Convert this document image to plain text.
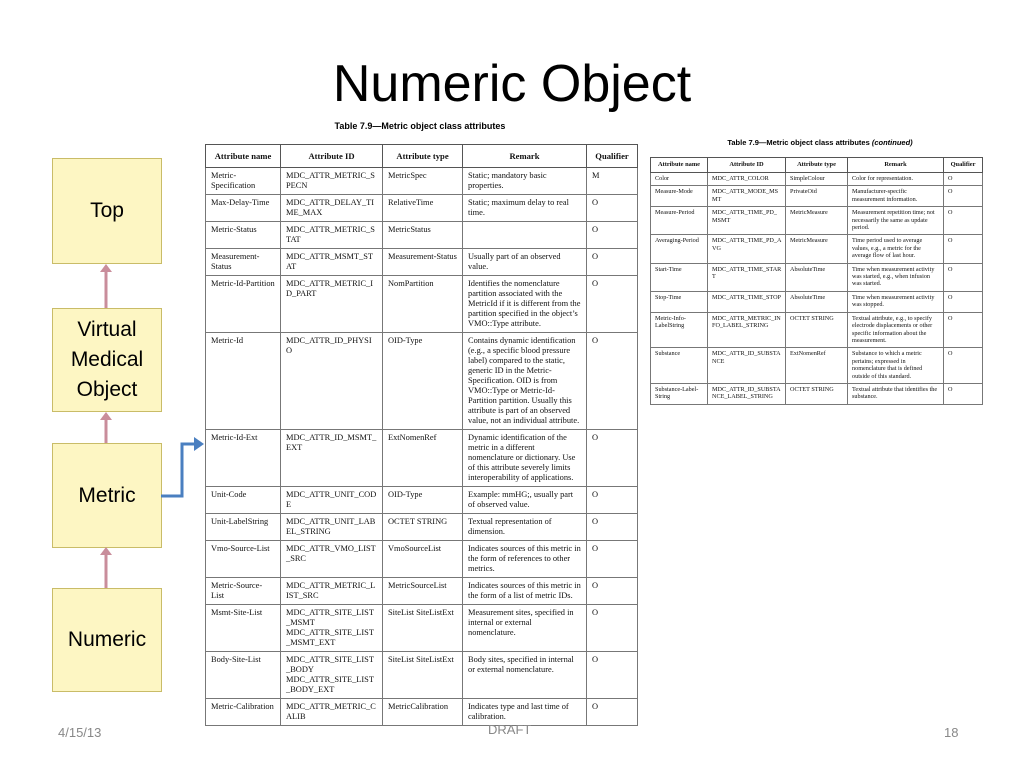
Numeric Object
Top
Virtual
Medical
Object
Metric
Numeric
Table 7.9—Metric object class attributes
Attribute name	Attribute ID	Attribute type	Remark	Qualifier
Metric-Specification	MDC_ATTR_METRIC_SPECN	MetricSpec	Static; mandatory basic properties.	M
Max-Delay-Time	MDC_ATTR_DELAY_TIME_MAX	RelativeTime	Static; maximum delay to real time.	O
Metric-Status	MDC_ATTR_METRIC_STAT	MetricStatus		O
Measurement-Status	MDC_ATTR_MSMT_STAT	Measurement-Status	Usually part of an observed value.	O
Metric-Id-Partition	MDC_ATTR_METRIC_ID_PART	NomPartition	Identifies the nomenclature partition associated with the MetricId if it is different from the partition specified in the object’s VMO::Type attribute.	O
Metric-Id	MDC_ATTR_ID_PHYSIO	OID-Type	Contains dynamic identification (e.g., a specific blood pressure label) compared to the static, generic ID in the Metric-Specification. OID is from VMO::Type or Metric-Id-Partition partition. Usually this attribute is part of an observed value, not an individual attribute.	O
Metric-Id-Ext	MDC_ATTR_ID_MSMT_EXT	ExtNomenRef	Dynamic identification of the metric in a different nomenclature or dictionary. Use of this attribute severely limits interoperability of applications.	O
Unit-Code	MDC_ATTR_UNIT_CODE	OID-Type	Example: mmHG;, usually part of observed value.	O
Unit-LabelString	MDC_ATTR_UNIT_LABEL_STRING	OCTET STRING	Textual representation of dimension.	O
Vmo-Source-List	MDC_ATTR_VMO_LIST_SRC	VmoSourceList	Indicates sources of this metric in the form of references to other metrics.	O
Metric-Source-List	MDC_ATTR_METRIC_LIST_SRC	MetricSourceList	Indicates sources of this metric in the form of a list of metric IDs.	O
Msmt-Site-List	MDC_ATTR_SITE_LIST_MSMT MDC_ATTR_SITE_LIST_MSMT_EXT	SiteList SiteListExt	Measurement sites, specified in internal or external nomenclature.	O
Body-Site-List	MDC_ATTR_SITE_LIST_BODY MDC_ATTR_SITE_LIST_BODY_EXT	SiteList SiteListExt	Body sites, specified in internal or external nomenclature.	O
Metric-Calibration	MDC_ATTR_METRIC_CALIB	MetricCalibration	Indicates type and last time of calibration.	O
Table 7.9—Metric object class attributes (continued)
Attribute name	Attribute ID	Attribute type	Remark	Qualifier
Color	MDC_ATTR_COLOR	SimpleColour	Color for representation.	O
Measure-Mode	MDC_ATTR_MODE_MSMT	PrivateOid	Manufacturer-specific measurement information.	O
Measure-Period	MDC_ATTR_TIME_PD_MSMT	MetricMeasure	Measurement repetition time; not necessarily the same as update period.	O
Averaging-Period	MDC_ATTR_TIME_PD_AVG	MetricMeasure	Time period used to average values, e.g., a metric for the average flow of last hour.	O
Start-Time	MDC_ATTR_TIME_START	AbsoluteTime	Time when measurement activity was started, e.g., when infusion was started.	O
Stop-Time	MDC_ATTR_TIME_STOP	AbsoluteTime	Time when measurement activity was stopped.	O
Metric-Info-LabelString	MDC_ATTR_METRIC_INFO_LABEL_STRING	OCTET STRING	Textual attribute, e.g., to specify electrode displacements or other specific information about the measurement.	O
Substance	MDC_ATTR_ID_SUBSTANCE	ExtNomenRef	Substance to which a metric pertains; expressed in nomenclature that is defined outside of this standard.	O
Substance-Label-String	MDC_ATTR_ID_SUBSTANCE_LABEL_STRING	OCTET STRING	Textual attribute that identifies the substance.	O
4/15/13	DRAFT	18
